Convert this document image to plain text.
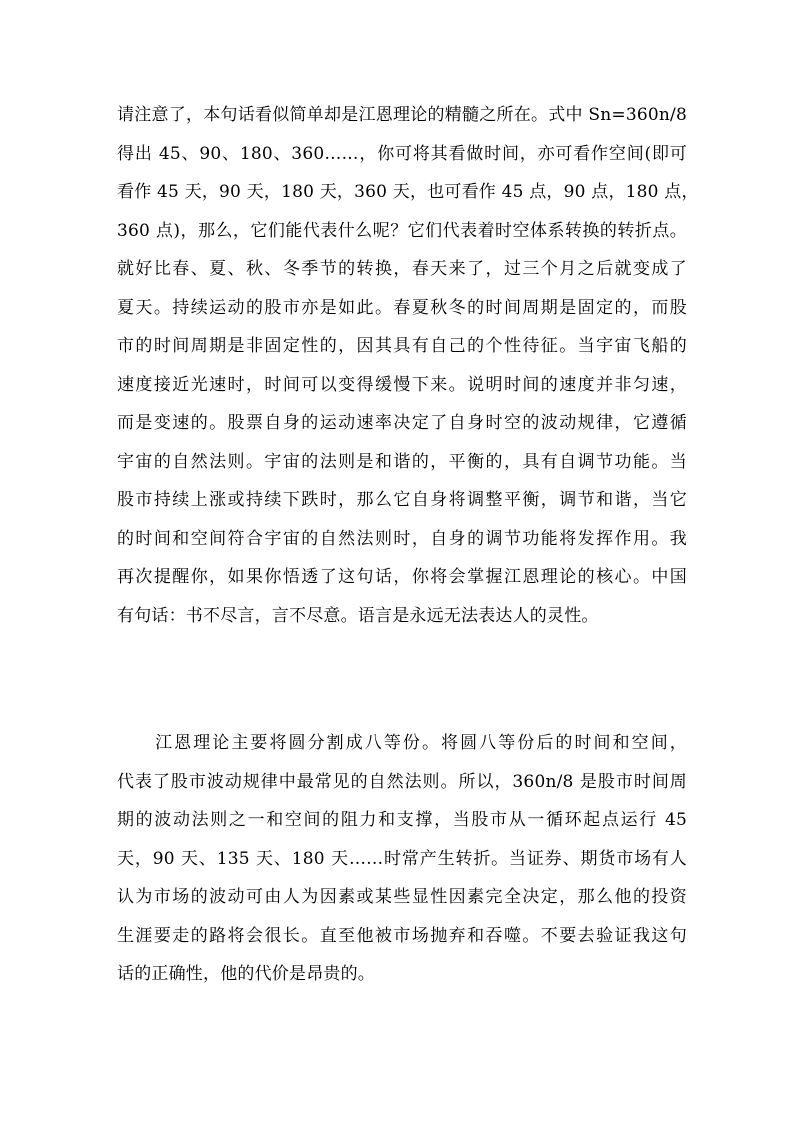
请注意了，本句话看似简单却是江恩理论的精髓之所在。式中 Sn=360n/8
得出 45、90、180、360……，你可将其看做时间，亦可看作空间(即可
看作 45 天，90 天，180 天，360 天，也可看作 45 点，90 点，180 点，
360 点)，那么，它们能代表什么呢？它们代表着时空体系转换的转折点。
就好比春、夏、秋、冬季节的转换，春天来了，过三个月之后就变成了
夏天。持续运动的股市亦是如此。春夏秋冬的时间周期是固定的，而股
市的时间周期是非固定性的，因其具有自己的个性待征。当宇宙飞船的
速度接近光速时，时间可以变得缓慢下来。说明时间的速度并非匀速，
而是变速的。股票自身的运动速率决定了自身时空的波动规律，它遵循
宇宙的自然法则。宇宙的法则是和谐的，平衡的，具有自调节功能。当
股市持续上涨或持续下跌时，那么它自身将调整平衡，调节和谐，当它
的时间和空间符合宇宙的自然法则时，自身的调节功能将发挥作用。我
再次提醒你，如果你悟透了这句话，你将会掌握江恩理论的核心。中国
有句话：书不尽言，言不尽意。语言是永远无法表达人的灵性。
　　江恩理论主要将圆分割成八等份。将圆八等份后的时间和空间，
代表了股市波动规律中最常见的自然法则。所以，360n/8 是股市时间周
期的波动法则之一和空间的阻力和支撑，当股市从一循环起点运行 45
天，90 天、135 天、180 天……时常产生转折。当证券、期货市场有人
认为市场的波动可由人为因素或某些显性因素完全决定，那么他的投资
生涯要走的路将会很长。直至他被市场抛弃和吞噬。不要去验证我这句
话的正确性，他的代价是昂贵的。
